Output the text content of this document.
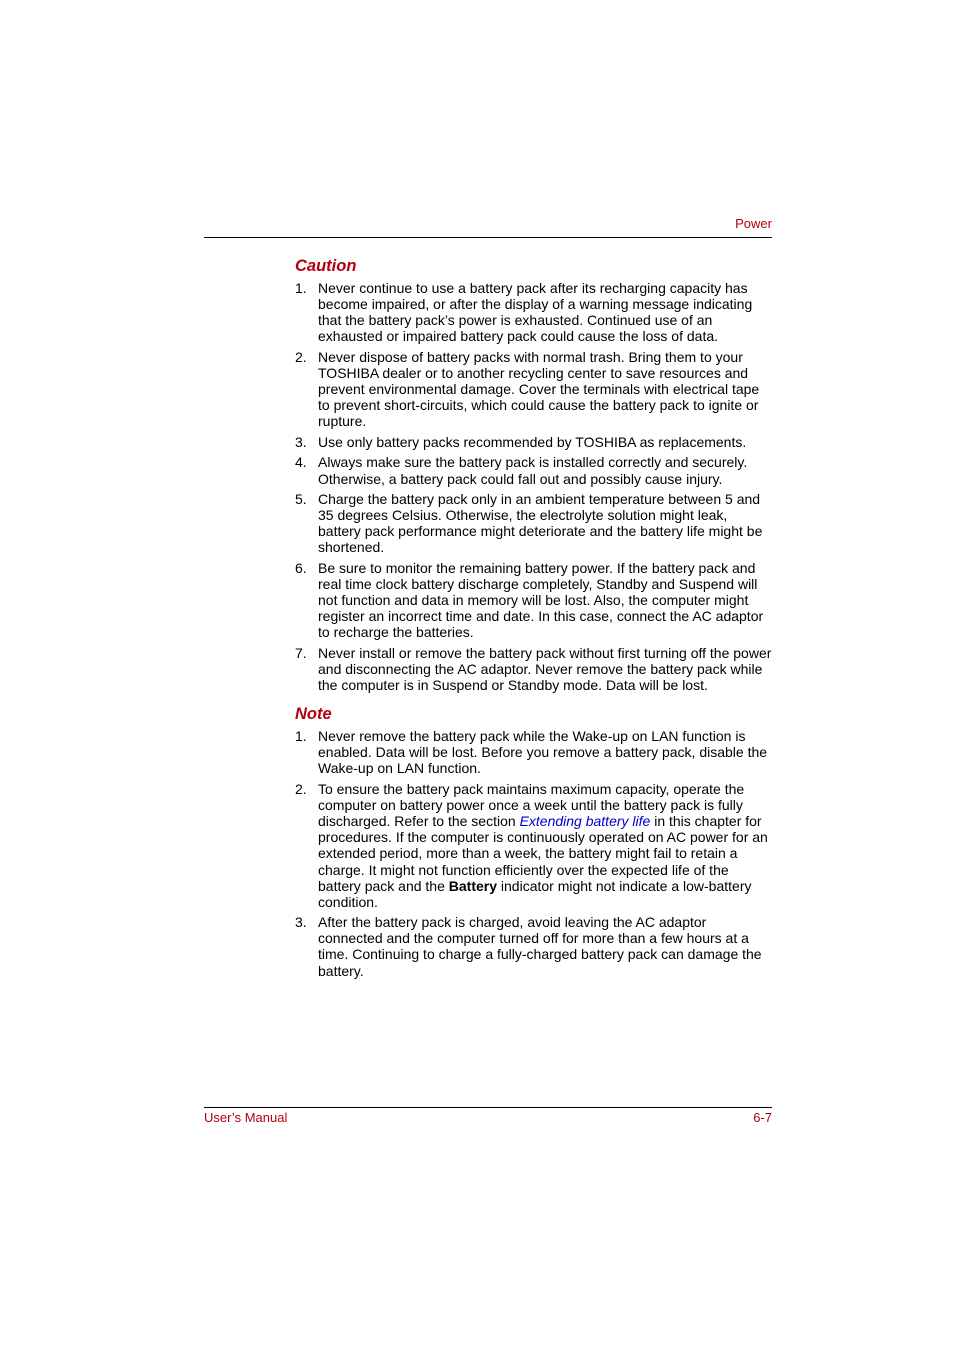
Power
Caution
1. Never continue to use a battery pack after its recharging capacity has become impaired, or after the display of a warning message indicating that the battery pack’s power is exhausted. Continued use of an exhausted or impaired battery pack could cause the loss of data.
2. Never dispose of battery packs with normal trash. Bring them to your TOSHIBA dealer or to another recycling center to save resources and prevent environmental damage. Cover the terminals with electrical tape to prevent short-circuits, which could cause the battery pack to ignite or rupture.
3. Use only battery packs recommended by TOSHIBA as replacements.
4. Always make sure the battery pack is installed correctly and securely. Otherwise, a battery pack could fall out and possibly cause injury.
5. Charge the battery pack only in an ambient temperature between 5 and 35 degrees Celsius. Otherwise, the electrolyte solution might leak, battery pack performance might deteriorate and the battery life might be shortened.
6. Be sure to monitor the remaining battery power. If the battery pack and real time clock battery discharge completely, Standby and Suspend will not function and data in memory will be lost. Also, the computer might register an incorrect time and date. In this case, connect the AC adaptor to recharge the batteries.
7. Never install or remove the battery pack without first turning off the power and disconnecting the AC adaptor. Never remove the battery pack while the computer is in Suspend or Standby mode. Data will be lost.
Note
1. Never remove the battery pack while the Wake-up on LAN function is enabled. Data will be lost. Before you remove a battery pack, disable the Wake-up on LAN function.
2. To ensure the battery pack maintains maximum capacity, operate the computer on battery power once a week until the battery pack is fully discharged. Refer to the section Extending battery life in this chapter for procedures. If the computer is continuously operated on AC power for an extended period, more than a week, the battery might fail to retain a charge. It might not function efficiently over the expected life of the battery pack and the Battery indicator might not indicate a low-battery condition.
3. After the battery pack is charged, avoid leaving the AC adaptor connected and the computer turned off for more than a few hours at a time. Continuing to charge a fully-charged battery pack can damage the battery.
User’s Manual	6-7
